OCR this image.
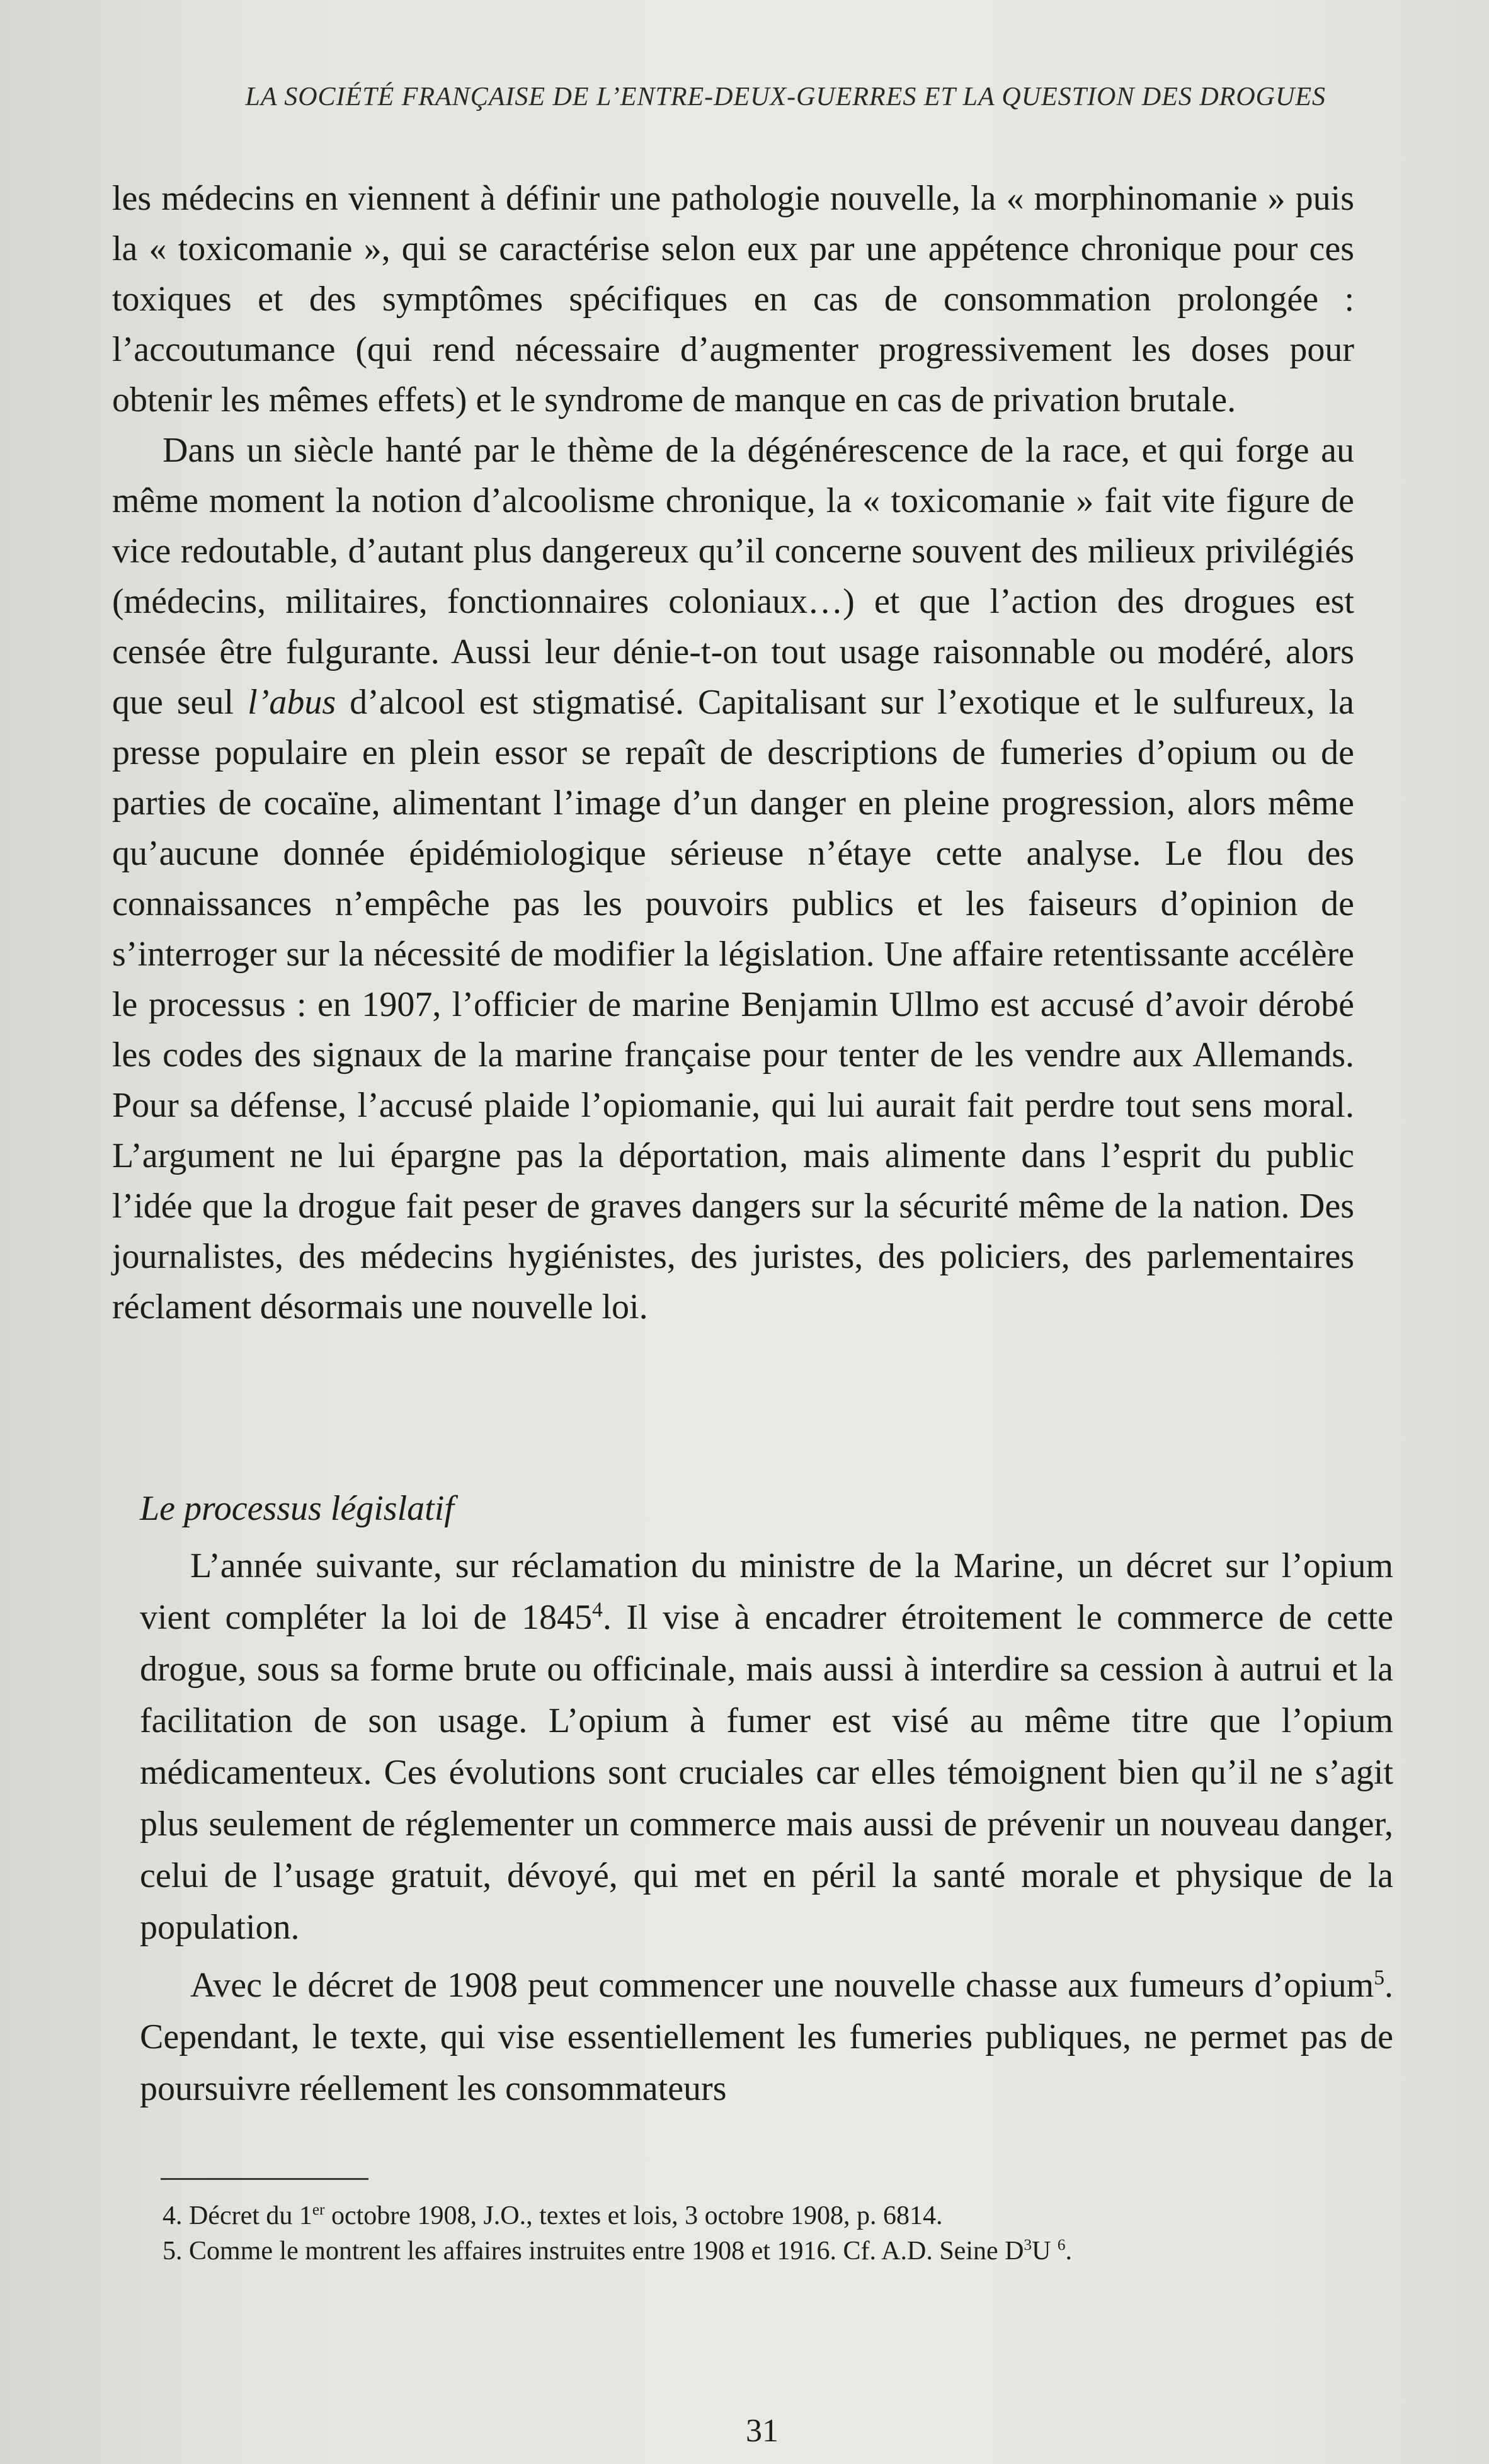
LA SOCIÉTÉ FRANÇAISE DE L’ENTRE-DEUX-GUERRES ET LA QUESTION DES DROGUES

les médecins en viennent à définir une pathologie nouvelle, la « morphinomanie » puis la « toxicomanie », qui se caractérise selon eux par une appétence chronique pour ces toxiques et des symptômes spécifiques en cas de consommation prolongée : l’accoutumance (qui rend nécessaire d’augmenter progressivement les doses pour obtenir les mêmes effets) et le syndrome de manque en cas de privation brutale.

Dans un siècle hanté par le thème de la dégénérescence de la race, et qui forge au même moment la notion d’alcoolisme chronique, la « toxicomanie » fait vite figure de vice redoutable, d’autant plus dangereux qu’il concerne souvent des milieux privilégiés (médecins, militaires, fonctionnaires coloniaux…) et que l’action des drogues est censée être fulgurante. Aussi leur dénie-t-on tout usage raisonnable ou modéré, alors que seul l’abus d’alcool est stigmatisé. Capitalisant sur l’exotique et le sulfureux, la presse populaire en plein essor se repaît de descriptions de fumeries d’opium ou de parties de cocaïne, alimentant l’image d’un danger en pleine progression, alors même qu’aucune donnée épidémiologique sérieuse n’étaye cette analyse. Le flou des connaissances n’empêche pas les pouvoirs publics et les faiseurs d’opinion de s’interroger sur la nécessité de modifier la législation. Une affaire retentissante accélère le processus : en 1907, l’officier de marine Benjamin Ullmo est accusé d’avoir dérobé les codes des signaux de la marine française pour tenter de les vendre aux Allemands. Pour sa défense, l’accusé plaide l’opiomanie, qui lui aurait fait perdre tout sens moral. L’argument ne lui épargne pas la déportation, mais alimente dans l’esprit du public l’idée que la drogue fait peser de graves dangers sur la sécurité même de la nation. Des journalistes, des médecins hygiénistes, des juristes, des policiers, des parlementaires réclament désormais une nouvelle loi.

Le processus législatif

L’année suivante, sur réclamation du ministre de la Marine, un décret sur l’opium vient compléter la loi de 1845$^4$. Il vise à encadrer étroitement le commerce de cette drogue, sous sa forme brute ou officinale, mais aussi à interdire sa cession à autrui et la facilitation de son usage. L’opium à fumer est visé au même titre que l’opium médicamenteux. Ces évolutions sont cruciales car elles témoignent bien qu’il ne s’agit plus seulement de réglementer un commerce mais aussi de prévenir un nouveau danger, celui de l’usage gratuit, dévoyé, qui met en péril la santé morale et physique de la population.

Avec le décret de 1908 peut commencer une nouvelle chasse aux fumeurs d’opium$^5$. Cependant, le texte, qui vise essentiellement les fumeries publiques, ne permet pas de poursuivre réellement les consommateurs

4. Décret du 1er octobre 1908, J.O., textes et lois, 3 octobre 1908, p. 6814.
5. Comme le montrent les affaires instruites entre 1908 et 1916. Cf. A.D. Seine $D^3U$ $^6$.
31
